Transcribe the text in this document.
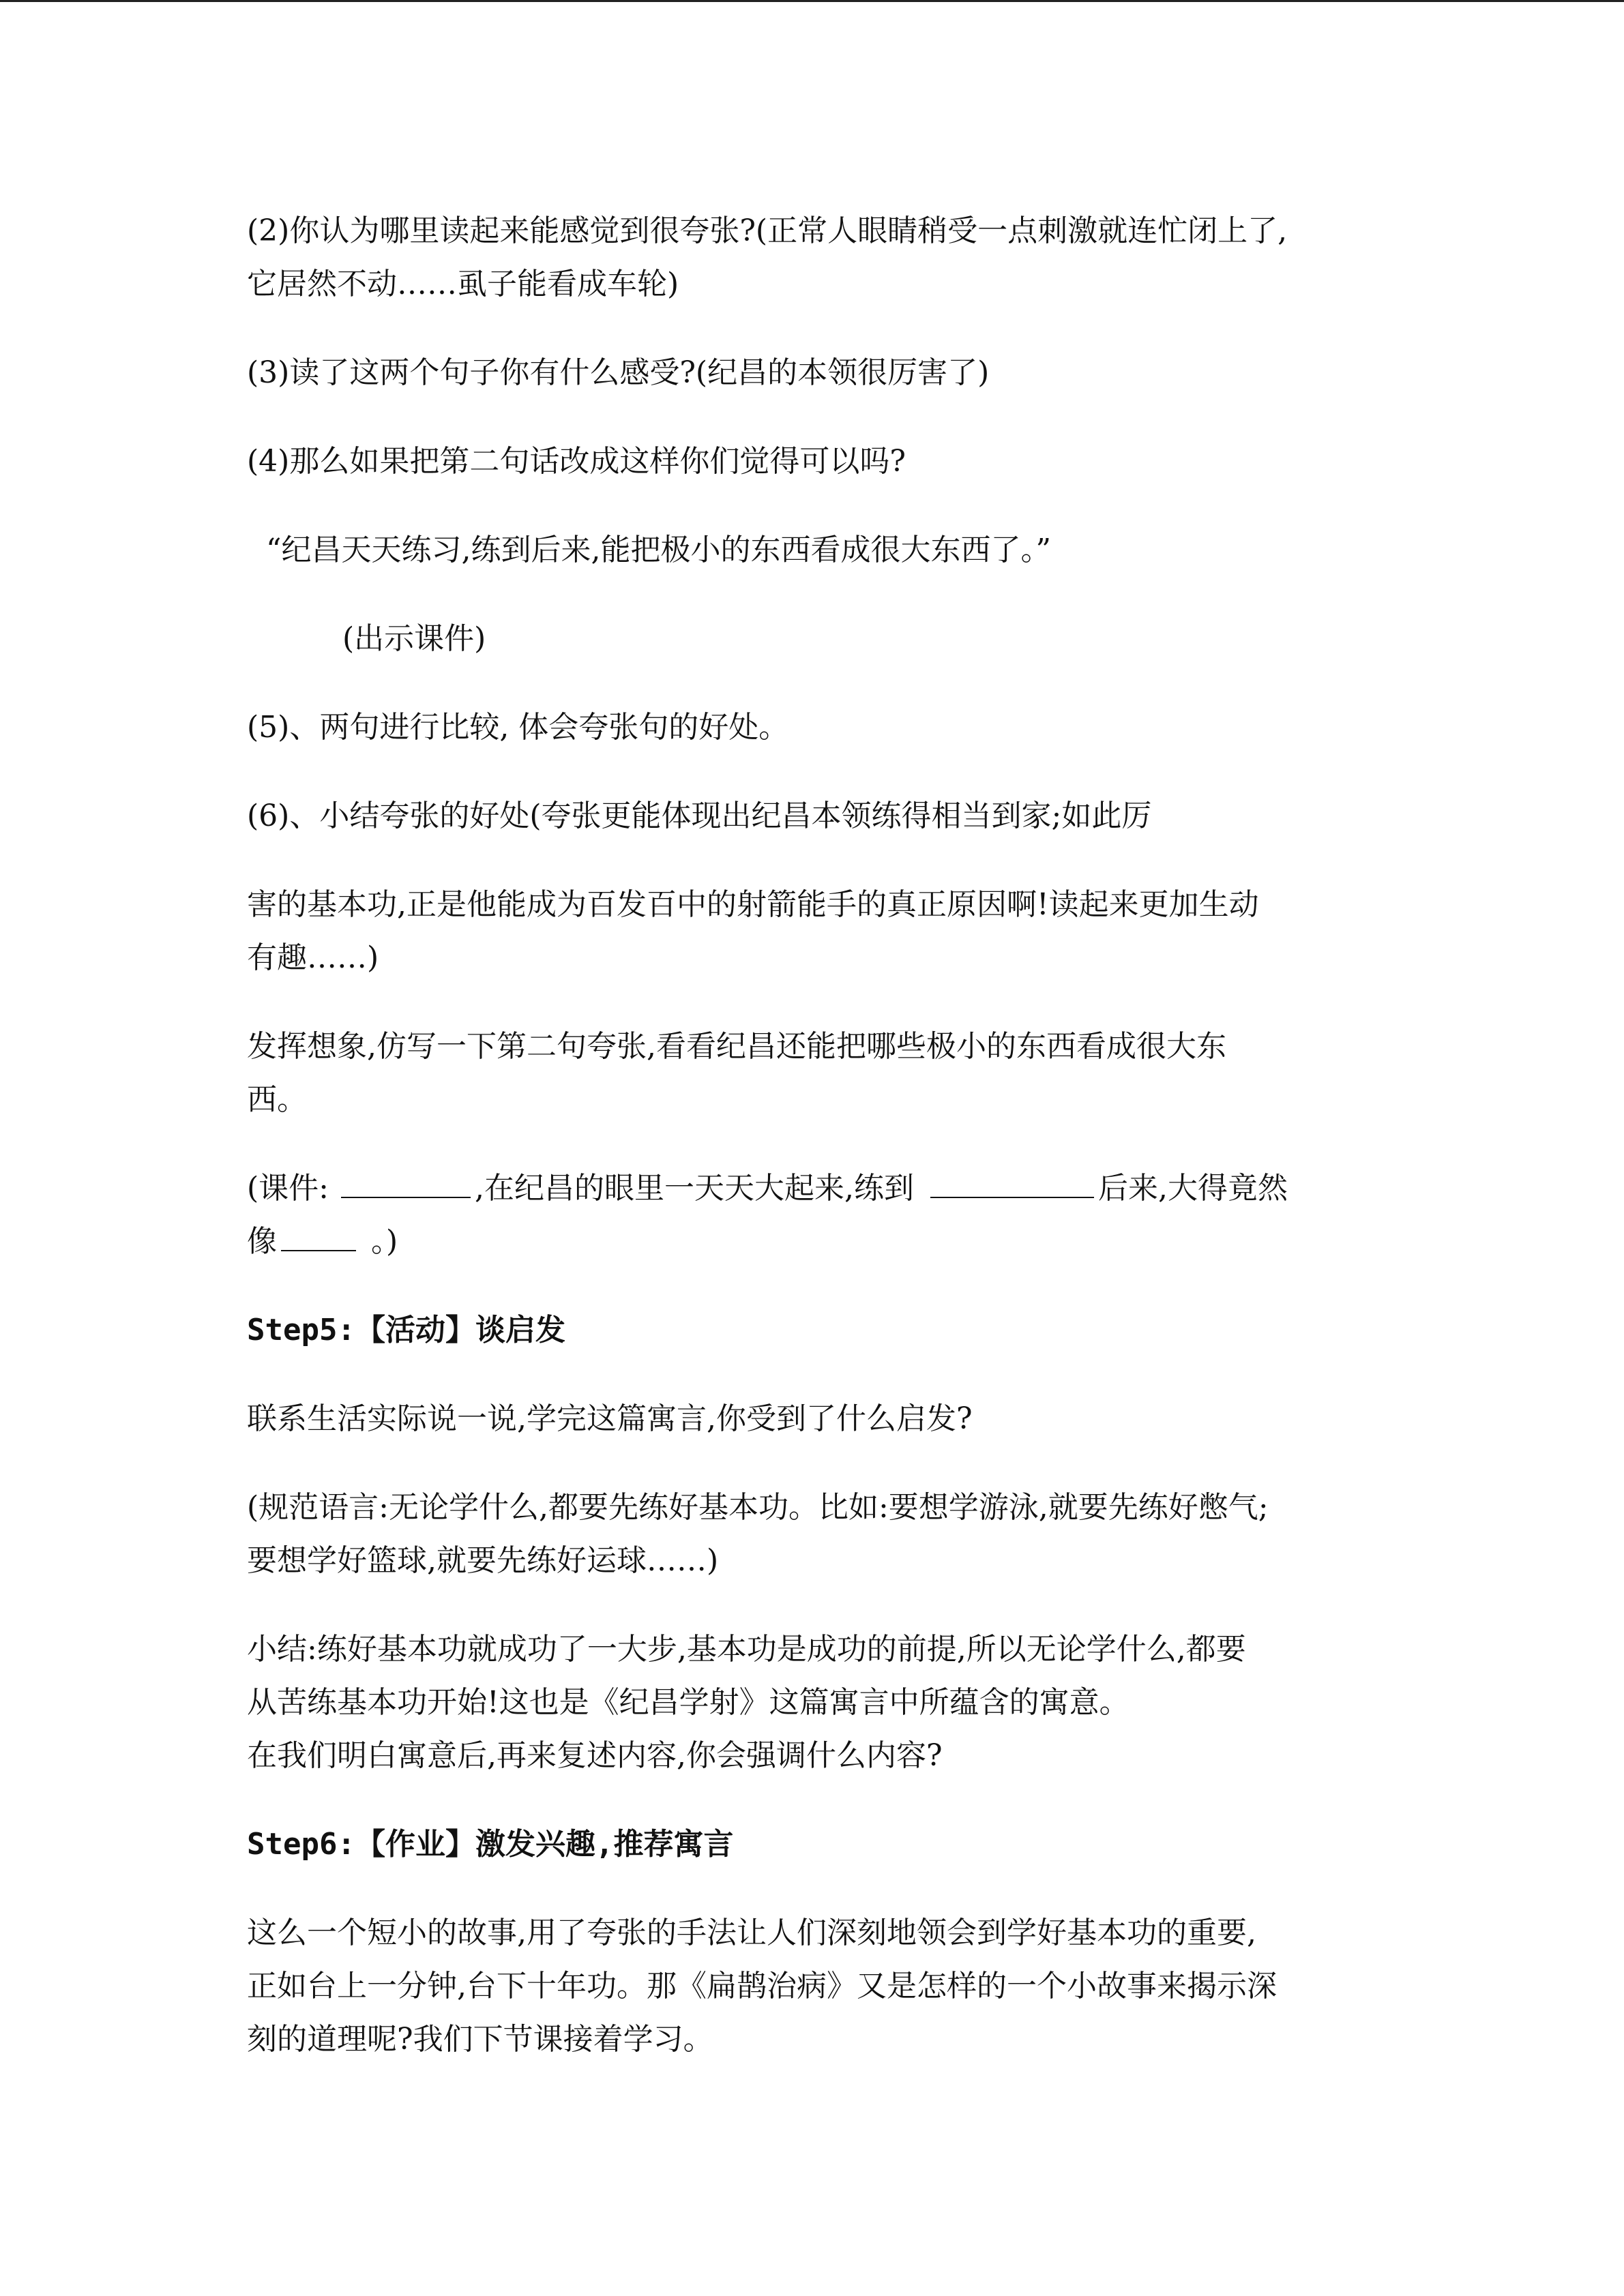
(2)你认为哪里读起来能感觉到很夸张?(正常人眼睛稍受一点刺激就连忙闭上了,
它居然不动……虱子能看成车轮)
(3)读了这两个句子你有什么感受?(纪昌的本领很厉害了)
(4)那么如果把第二句话改成这样你们觉得可以吗?
“纪昌天天练习,练到后来,能把极小的东西看成很大东西了。”
(出示课件)
(5)、两句进行比较, 体会夸张句的好处。
(6)、小结夸张的好处(夸张更能体现出纪昌本领练得相当到家;如此厉
害的基本功,正是他能成为百发百中的射箭能手的真正原因啊!读起来更加生动
有趣……)
发挥想象,仿写一下第二句夸张,看看纪昌还能把哪些极小的东西看成很大东
西。
(课件:	,在纪昌的眼里一天天大起来,练到	后来,大得竟然
像	。)
Step5:【活动】谈启发
联系生活实际说一说,学完这篇寓言,你受到了什么启发?
(规范语言:无论学什么,都要先练好基本功。比如:要想学游泳,就要先练好憋气;
要想学好篮球,就要先练好运球……)
小结:练好基本功就成功了一大步,基本功是成功的前提,所以无论学什么,都要
从苦练基本功开始!这也是《纪昌学射》这篇寓言中所蕴含的寓意。
在我们明白寓意后,再来复述内容,你会强调什么内容?
Step6:【作业】激发兴趣,推荐寓言
这么一个短小的故事,用了夸张的手法让人们深刻地领会到学好基本功的重要,
正如台上一分钟,台下十年功。那《扁鹊治病》又是怎样的一个小故事来揭示深
刻的道理呢?我们下节课接着学习。
